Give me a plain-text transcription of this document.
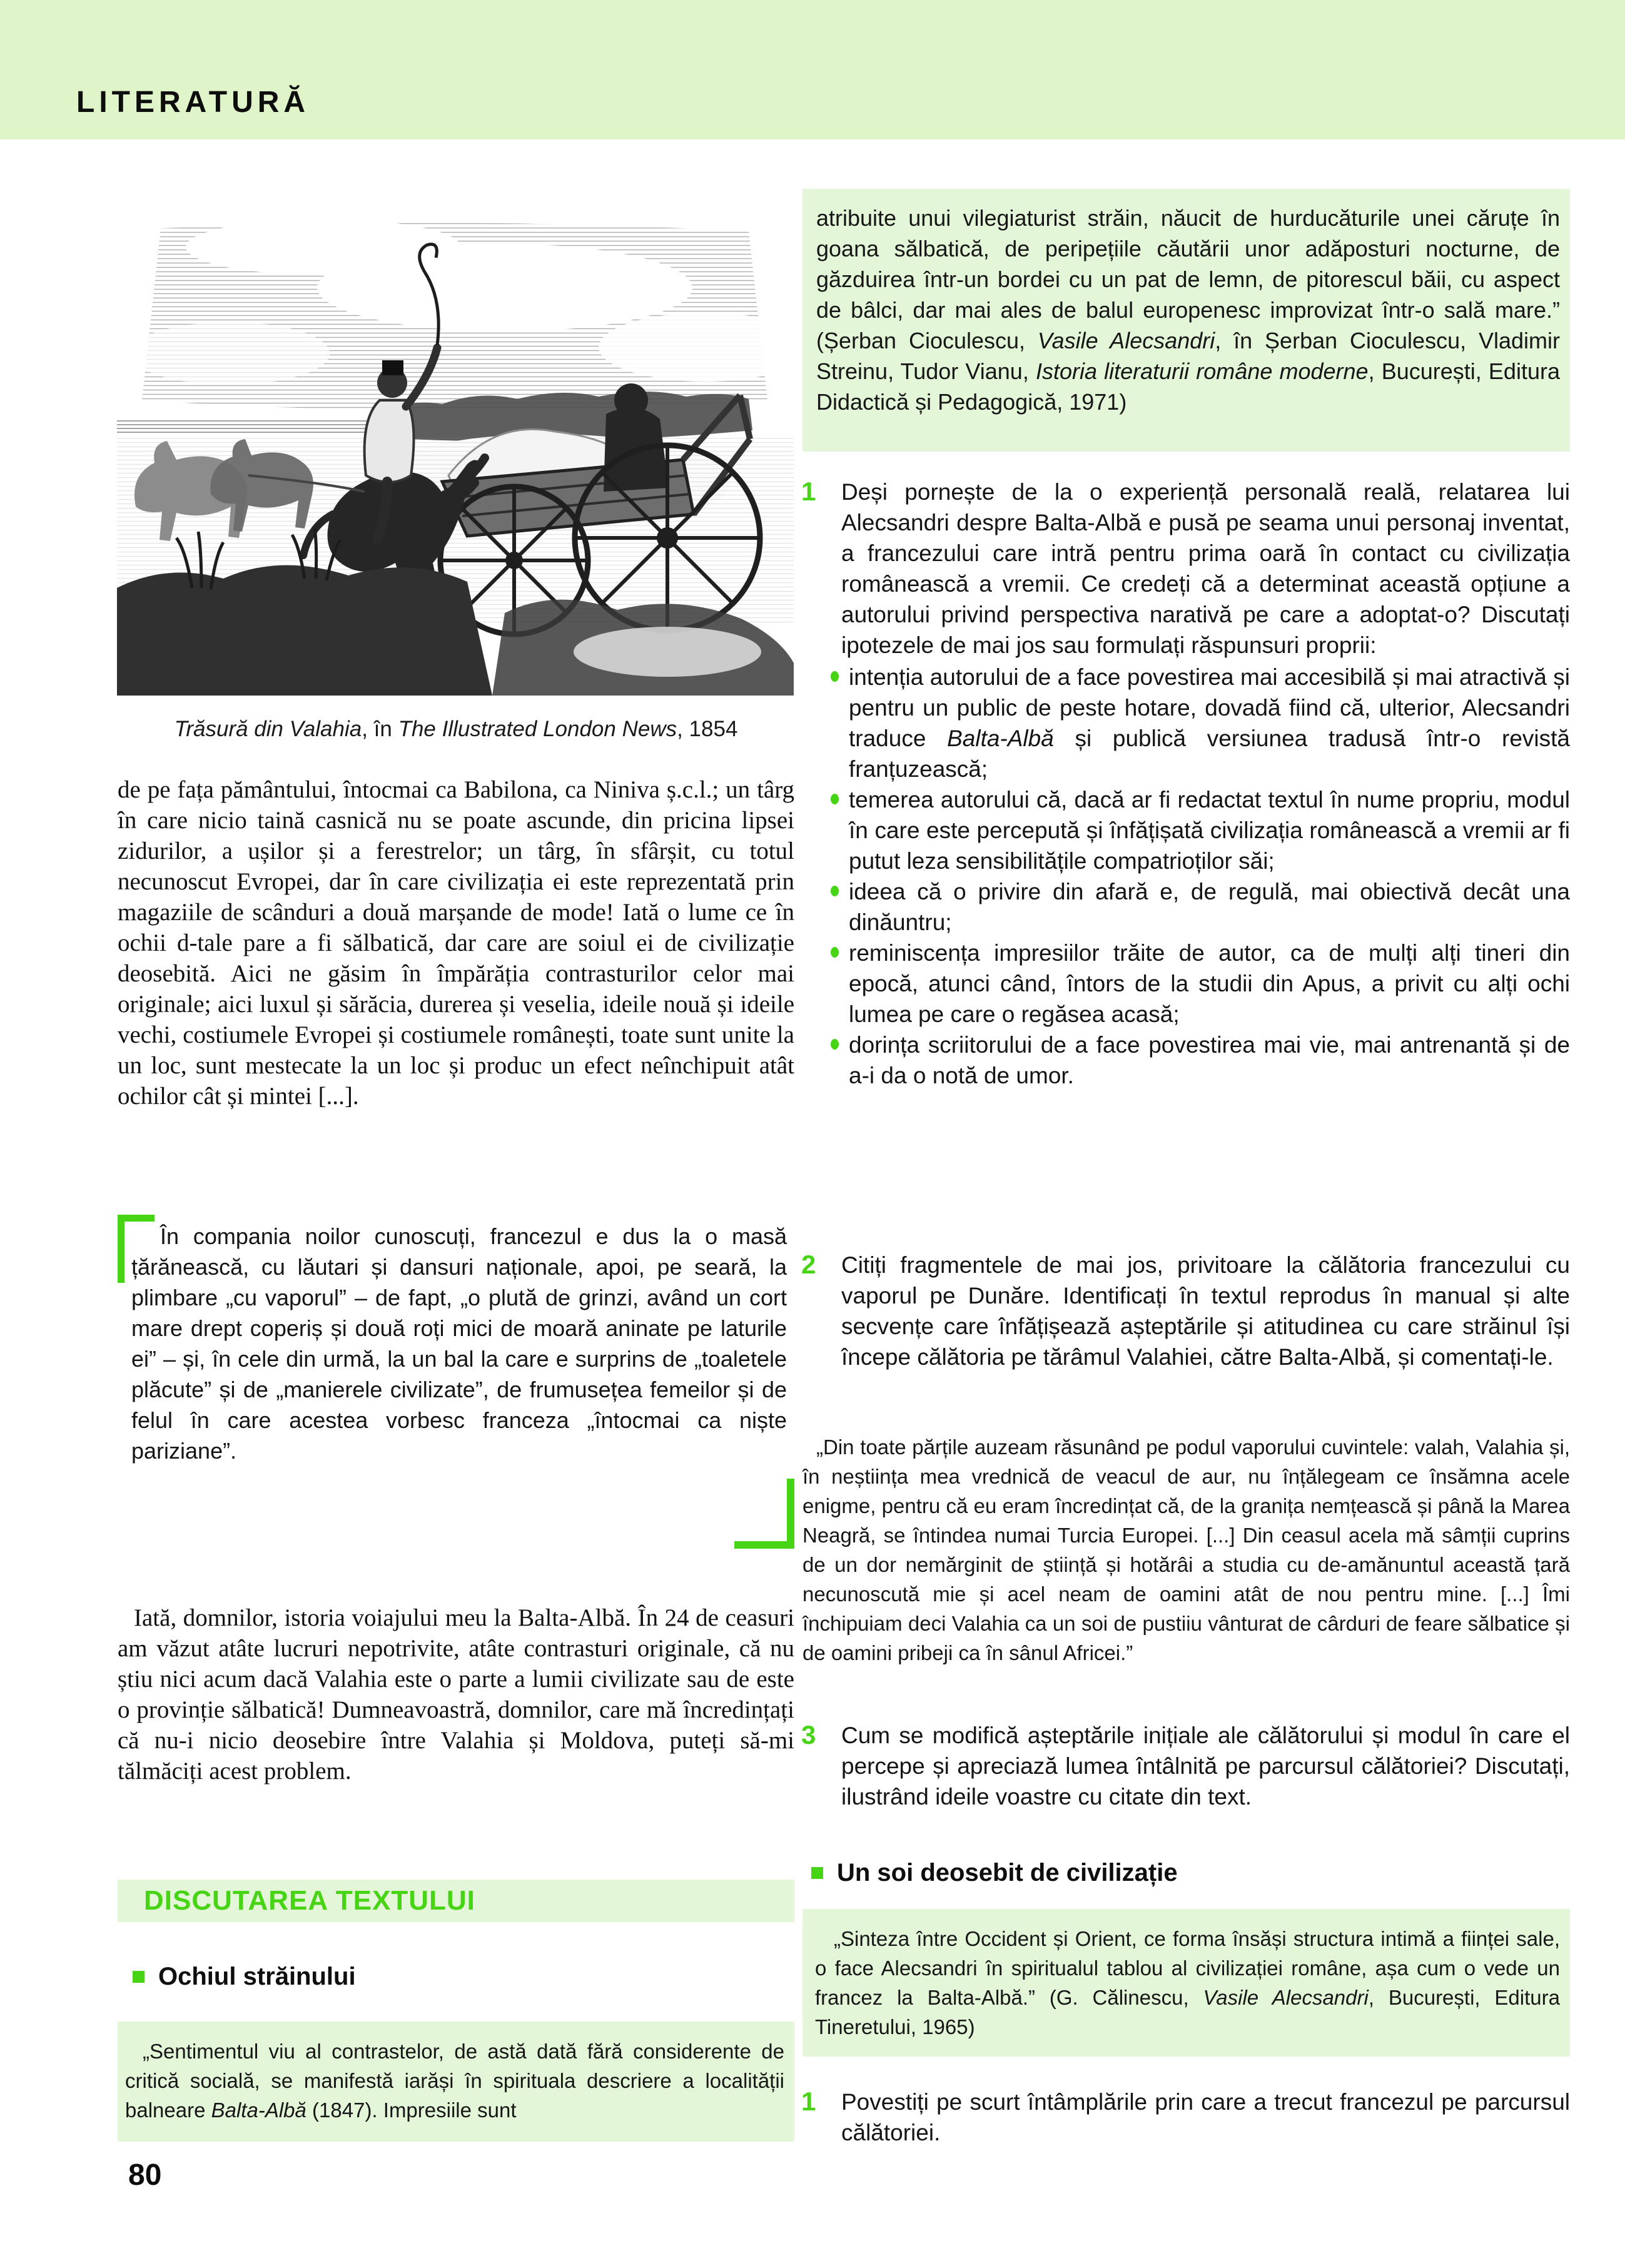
LITERATURĂ
Trăsură din Valahia, în The Illustrated London News, 1854

de pe fața pământului, întocmai ca Babilona, ca Niniva ș.c.l.; un târg în care nicio taină casnică nu se poate ascunde, din pricina lipsei zidurilor, a ușilor și a ferestrelor; un târg, în sfârșit, cu totul necunoscut Evropei, dar în care civilizația ei este reprezentată prin magaziile de scânduri a două marșande de mode! Iată o lume ce în ochii d-tale pare a fi sălbatică, dar care are soiul ei de civilizație deosebită. Aici ne găsim în împărăția contrasturilor celor mai originale; aici luxul și sărăcia, durerea și veselia, ideile nouă și ideile vechi, costiumele Evropei și costiumele românești, toate sunt unite la un loc, sunt mestecate la un loc și produc un efect neînchipuit atât ochilor cât și mintei [...].

În compania noilor cunoscuți, francezul e dus la o masă țărănească, cu lăutari și dansuri naționale, apoi, pe seară, la plimbare „cu vaporul” – de fapt, „o plută de grinzi, având un cort mare drept coperiș și două roți mici de moară aninate pe laturile ei” – și, în cele din urmă, la un bal la care e surprins de „toaletele plăcute” și de „manierele civilizate”, de frumusețea femeilor și de felul în care acestea vorbesc franceza „întocmai ca niște pariziane”.

Iată, domnilor, istoria voiajului meu la Balta-Albă. În 24 de ceasuri am văzut atâte lucruri nepotrivite, atâte contrasturi originale, că nu știu nici acum dacă Valahia este o parte a lumii civilizate sau de este o provinție sălbatică! Dumneavoastră, domnilor, care mă încredințați că nu-i nicio deosebire între Valahia și Moldova, puteți să-mi tălmăciți acest problem.

DISCUTAREA TEXTULUI
Ochiul străinului
„Sentimentul viu al contrastelor, de astă dată fără considerente de critică socială, se manifestă iarăși în spirituala descriere a localității balneare Balta-Albă (1847). Impresiile sunt
80
atribuite unui vilegiaturist străin, năucit de hurducăturile unei căruțe în goana sălbatică, de peripețiile căutării unor adăposturi nocturne, de găzduirea într-un bordei cu un pat de lemn, de pitorescul băii, cu aspect de bâlci, dar mai ales de balul europenesc improvizat într-o sală mare.” (Șerban Cioculescu, Vasile Alecsandri, în Șerban Cioculescu, Vladimir Streinu, Tudor Vianu, Istoria literaturii române moderne, București, Editura Didactică și Pedagogică, 1971)
1 Deși pornește de la o experiență personală reală, relatarea lui Alecsandri despre Balta-Albă e pusă pe seama unui personaj inventat, a francezului care intră pentru prima oară în contact cu civilizația românească a vremii. Ce credeți că a determinat această opțiune a autorului privind perspectiva narativă pe care a adoptat-o? Discutați ipotezele de mai jos sau formulați răspunsuri proprii:

intenția autorului de a face povestirea mai accesibilă și mai atractivă și pentru un public de peste hotare, dovadă fiind că, ulterior, Alecsandri traduce Balta-Albă și publică versiunea tradusă într-o revistă franțuzească;
temerea autorului că, dacă ar fi redactat textul în nume propriu, modul în care este percepută și înfățișată civilizația românească a vremii ar fi putut leza sensibilitățile compatrioților săi;
ideea că o privire din afară e, de regulă, mai obiectivă decât una dinăuntru;
reminiscența impresiilor trăite de autor, ca de mulți alți tineri din epocă, atunci când, întors de la studii din Apus, a privit cu alți ochi lumea pe care o regăsea acasă;
dorința scriitorului de a face povestirea mai vie, mai antrenantă și de a-i da o notă de umor.
2 Citiți fragmentele de mai jos, privitoare la călătoria francezului cu vaporul pe Dunăre. Identificați în textul reprodus în manual și alte secvențe care înfățișează așteptările și atitudinea cu care străinul își începe călătoria pe tărâmul Valahiei, către Balta-Albă, și comentați-le.

„Din toate părțile auzeam răsunând pe podul vaporului cuvintele: valah, Valahia și, în neștiința mea vrednică de veacul de aur, nu înțălegeam ce însămna acele enigme, pentru că eu eram încredințat că, de la granița nemțească și până la Marea Neagră, se întindea numai Turcia Europei. [...] Din ceasul acela mă sâmții cuprins de un dor nemărginit de știință și hotărâi a studia cu de-amănuntul această țară necunoscută mie și acel neam de oamini atât de nou pentru mine. [...] Îmi închipuiam deci Valahia ca un soi de pustiiu vânturat de cârduri de feare sălbatice și de oamini pribeji ca în sânul Africei.”

3 Cum se modifică așteptările inițiale ale călătorului și modul în care el percepe și apreciază lumea întâlnită pe parcursul călătoriei? Discutați, ilustrând ideile voastre cu citate din text.

Un soi deosebit de civilizație
„Sinteza între Occident și Orient, ce forma însăși structura intimă a ființei sale, o face Alecsandri în spiritualul tablou al civilizației române, așa cum o vede un francez la Balta-Albă.” (G. Călinescu, Vasile Alecsandri, București, Editura Tineretului, 1965)
1 Povestiți pe scurt întâmplările prin care a trecut francezul pe parcursul călătoriei.
